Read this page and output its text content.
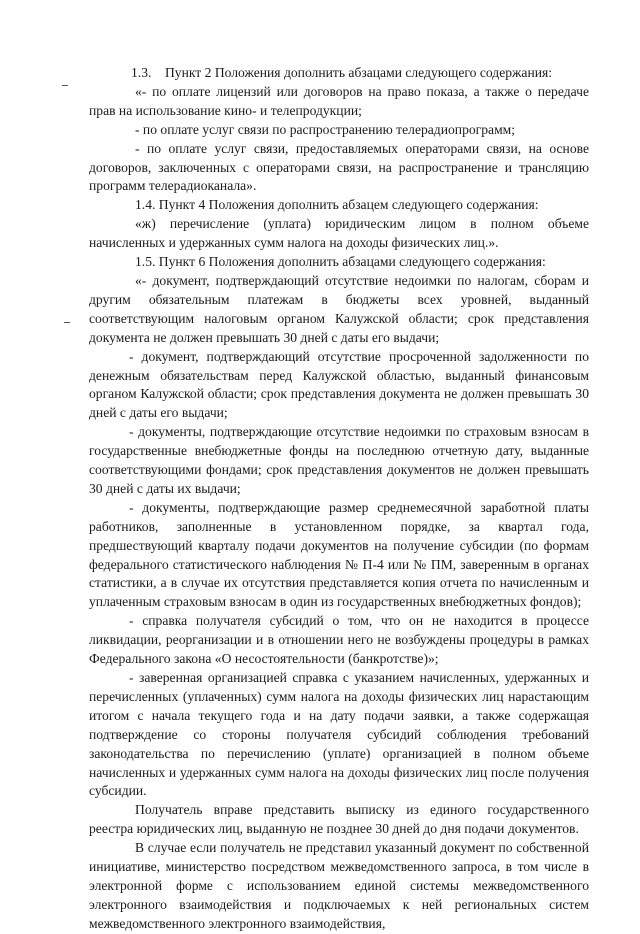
1.3. Пункт 2 Положения дополнить абзацами следующего содержания:

«- по оплате лицензий или договоров на право показа, а также о передаче прав на использование кино- и телепродукции;

- по оплате услуг связи по распространению телерадиопрограмм;

- по оплате услуг связи, предоставляемых операторами связи, на основе договоров, заключенных с операторами связи, на распространение и трансляцию программ телерадиоканала».

1.4. Пункт 4 Положения дополнить абзацем следующего содержания:

«ж) перечисление (уплата) юридическим лицом в полном объеме начисленных и удержанных сумм налога на доходы физических лиц.».

1.5. Пункт 6 Положения дополнить абзацами следующего содержания:

«- документ, подтверждающий отсутствие недоимки по налогам, сборам и другим обязательным платежам в бюджеты всех уровней, выданный соответствующим налоговым органом Калужской области; срок представления документа не должен превышать 30 дней с даты его выдачи;

- документ, подтверждающий отсутствие просроченной задолженности по денежным обязательствам перед Калужской областью, выданный финансовым органом Калужской области; срок представления документа не должен превышать 30 дней с даты его выдачи;

- документы, подтверждающие отсутствие недоимки по страховым взносам в государственные внебюджетные фонды на последнюю отчетную дату, выданные соответствующими фондами; срок представления документов не должен превышать 30 дней с даты их выдачи;

- документы, подтверждающие размер среднемесячной заработной платы работников, заполненные в установленном порядке, за квартал года, предшествующий кварталу подачи документов на получение субсидии (по формам федерального статистического наблюдения № П-4 или № ПМ, заверенным в органах статистики, а в случае их отсутствия представляется копия отчета по начисленным и уплаченным страховым взносам в один из государственных внебюджетных фондов);

- справка получателя субсидий о том, что он не находится в процессе ликвидации, реорганизации и в отношении него не возбуждены процедуры в рамках Федерального закона «О несостоятельности (банкротстве)»;

- заверенная организацией справка с указанием начисленных, удержанных и перечисленных (уплаченных) сумм налога на доходы физических лиц нарастающим итогом с начала текущего года и на дату подачи заявки, а также содержащая подтверждение со стороны получателя субсидий соблюдения требований законодательства по перечислению (уплате) организацией в полном объеме начисленных и удержанных сумм налога на доходы физических лиц после получения субсидии.

Получатель вправе представить выписку из единого государственного реестра юридических лиц, выданную не позднее 30 дней до дня подачи документов.

В случае если получатель не представил указанный документ по собственной инициативе, министерство посредством межведомственного запроса, в том числе в электронной форме с использованием единой системы межведомственного электронного взаимодействия и подключаемых к ней региональных систем межведомственного электронного взаимодействия,
